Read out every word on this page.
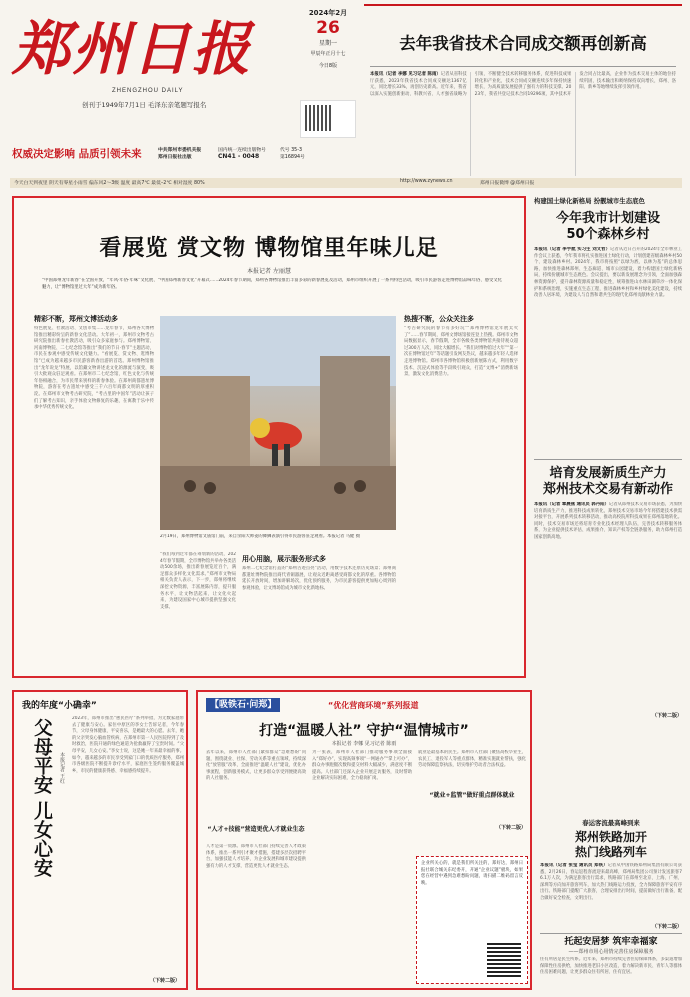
郑州日报
ZHENGZHOU DAILY
创刊于1949年7月1日 毛泽东亲笔题写报名
权威决定影响 品质引领未来	中共郑州市委机关报
郑州日报社出版
国内统一连续出版物号
CN41 - 0048
代号 35-3
第16894号
2024年2月
26
星期一
甲辰年正月十七
今日8版
去年我省技术合同成交额再创新高
本报讯（记者 李娜 见习记者 陈雨）记者从省科技厅获悉，2023年我省技术合同成交额达1367亿元，同比增长33%，再创历史新高。近年来，我省以深入实施创新驱动、科教兴省、人才强省战略为引领，不断健全技术转移服务体系，促进科技成果转化和产业化，技术合同成交额连续多年保持快速增长，为高质量发展提供了强有力的科技支撑。2023年，我省共登记技术合同19296项，其中技术开发合同占比最高，企业作为技术交易主体的地位持续巩固，技术输出和吸纳保持双向增长，郑州、洛阳、新乡等地继续发挥引领作用。
今天白天到夜里 阴天有零星小雨雪 偏东风2～3级 温度 最高7℃ 最低–2℃ 相对湿度 80%	http://www.zynews.cn	郑州日报微博 @郑州日报
看展览 赏文物 博物馆里年味儿足
本报记者 左丽慧
“中国郑州龙年新春”在全国开放，“年风·年俗·年味”文化展、“中国郑州新春文化”开幕式……2024年春节期间，郑州各博物馆推出丰富多彩的新春展览及活动，郑州市组织开展了一系列特色活动，吸引市民游客走进博物馆品味年俗、感受文化魅力，让“博物馆里过大年”成为新年俗。
精彩不断，郑州文博活动多
特色展览、社教活动、文创市集……龙年春节，郑州各大博物馆推出精彩纷呈的新春文化活动。大年初一，郑州市文物考古研究院推出新春社教活动，吸引众多家庭参与。郑州博物馆、河南博物院、二七纪念馆等推出“我们的节日·春节”主题活动，市民在参观中感受传统文化魅力。“看展览、赏文物、逛博物馆”已成为越来越多市民游客新春出游的首选。郑州博物馆推出“龙年说龙”特展，以馆藏文物讲述龙文化的源流与演变，吸引大批观众驻足观看。在郑州市二七纪念馆，红色文化与传统年俗相融合，为市民带来别样的新春体验。在郑州商都遗址博物院，游客在考古遗址中感受三千六百年商都文明的厚重积淀。在郑州市文物考古研究院，“考古里的中国年”活动让孩子们了解考古知识，亲手体验文物修复的乐趣，在寓教于乐中传承中华优秀传统文化。
2月19日，郑州博物馆文庙馆门前，来自荥阳大师姜的舞狮表演引得市民游客驻足观看。本报记者 马健 摄
热搜不断，公众关注多
“考古研究院的春节有多好玩”“郑州博物馆龙年展太火了”……春节期间，郑州文博场馆接连登上热搜。郑州市文物局数据显示，春节假期，全市各级各类博物馆共接待观众超过300万人次，同比大幅增长。“我们对博物馆过大年”“第一次在博物馆过年”等话题引发网友热议，越来越多年轻人选择走进博物馆。郑州市各博物馆积极创新展陈方式，利用数字技术、沉浸式体验等手段吸引观众，打造“文博+”消费新场景，激发文化消费活力。
“我们每到过年都在筹划新的活动，2024年春节假期，全市博物馆共举办各类活动500余场，推出新春展览近百个，满足群众多样化文化需求。”郑州市文物局相关负责人表示，下一步，郑州将继续深挖文物资源，丰富展陈内容，提升服务水平，让文物活起来、让文化火起来，为建设国家中心城市提供坚强文化支撑。
用心用脑，展示服务形式多
郑州二七纪念馆打造的“郑州古迹点亮”活动，用数字技术还原历史场景；郑州商都遗址博物院推出商代青铜器展，让观众近距离感受商都文化的厚重。各博物馆延长开放时间，增加讲解场次，优化预约服务，为市民游客提供更加贴心周到的参观体验，让文博场馆成为城市文化新地标。
构建国土绿化新格局 扮靓城市生态底色
今年我市计划建设
50个森林乡村
本报讯（记者 李宇航 实习生 刘文哲）记者从近日召开的2024年全市林业工作会议上获悉，今年我市将扎实推进国土绿化行动，计划创建省级森林乡村50个、建设森林乡村。2024年，我市将按照“以绿为底、以林为基”的总体思路，加快推进森林郑州、生态廊道、城市公园建设，着力构建国土绿化新格局，持续扮靓城市生态底色。会议提出，要以新发展理念为引领，全面加强森林资源保护，提升森林资源质量和稳定性，统筹推进山水林田湖草沙一体化保护和系统治理，实施重点生态工程，推进森林乡村和乡村绿化美化建设，持续改善人居环境，为建设人与自然和谐共生的现代化郑州贡献林业力量。
培育发展新质生产力
郑州技术交易有新动作
本报讯（记者 覃晨燕 通讯员 郭丹阳）记者从郑州技术交易市场获悉，为加快培育新质生产力，推进科技成果转化，郑州技术交易市场今年将搭建技术供需对接平台，开展系列技术转移活动，推动高校院所科技成果在郑州落地转化。同时，技术交易市场还将培育专业化技术经理人队伍，完善技术转移服务体系，为企业提供技术评估、成果推介、知识产权等全链条服务，助力郑州打造国家创新高地。
（下转二版）
我的年度“小确幸”
父母平安 儿女心安	本报记者 王红
2023年，郑州市推出“惠民医疗”系列举措，为无数家庭带去了健康与安心。家住中原区的李女士告诉记者，今年春节，父母身体健康、平安喜乐，是她最大的心愿。去年，她的父亲突发心脑血管疾病，在郑州市第一人民医院得到了及时救治，医院开通的绿色通道为抢救赢得了宝贵时间。“父母平安，儿女心安。”李女士说，这是她一年来最幸福的事。如今，越来越多的市民享受到家门口的优质医疗服务，郑州市各级医院不断提升诊疗水平，家庭医生签约服务覆盖城乡，市民的健康获得感、幸福感持续提升。
（下转二版）
【吸铁石·问郑】	“优化营商环境”系列报道
打造“温暖人社” 守护“温情城市”
本报记者 李娜 见习记者 陈雨
去年以来，郑州市人社部门紧扣群众“急难愁盼”问题，围绕就业、社保、劳动关系等重点领域，持续深化“放管服”改革，全面推进“温暖人社”建设，优化办事流程，创新服务模式，让更多群众享受到便捷高效的人社服务。
“人才+技能”营造更优人才就业生态
人才是第一资源。郑州市人社部门持续完善人才政策体系，推出一系列引才聚才措施，搭建多层次招聘平台，加强技能人才培养，为企业发展和城市建设提供强有力的人才支撑，营造更优人才就业生态。
为一张表，郑州市人社部门推动服务事项全面接入“郑好办”，实现高频事项“一网通办”“掌上可办”，群众办事跑腿次数和提交材料大幅减少，满意度不断提高。人社部门还深入企业开展走访服务，及时帮助企业解决实际困难，全力稳岗扩岗。
就业是最基本的民生。郑州市人社部门聚焦高校毕业生、农民工、退役军人等重点群体，精准实施就业帮扶，强化劳动保障监察执法，切实维护劳动者合法权益。
“就业+监管”做好重点群体就业
（下转二版）
企业所关心的，就是我们所关注的，郑好达，郑州日报社联合城关东纪委开，开通“企业议题”板块，如果您在经营中遇到急难愁盼问题，请扫描二维码留言反映。
春运客流最高峰到来
郑州铁路加开
热门线路列车
本报讯（记者 张莹 通讯员 郑铁）记者从中国铁路郑州局集团有限公司获悉，2月26日，春运返程客流迎来最高峰，郑州局集团公司预计发送旅客76.1万人次，为满足旅客出行需求，铁路部门在郑州至北京、上海、广州、深圳等方向加开旅客列车，加大热门线路运力投放，全力保障旅客平安有序出行。铁路部门提醒广大旅客，合理安排出行时间，提前做好出行准备，配合做好安全检查，文明出行。
（下转二版）
托起安居梦 筑牢幸福家
——郑州市用心用情完善住房保障服务
住有所居是民生所系。近年来，郑州市持续完善住房保障体系，多渠道增加保障性住房供给，加快推进老旧小区改造，着力解决新市民、青年人等群体住房困难问题，让更多群众住有所居、住有宜居。
